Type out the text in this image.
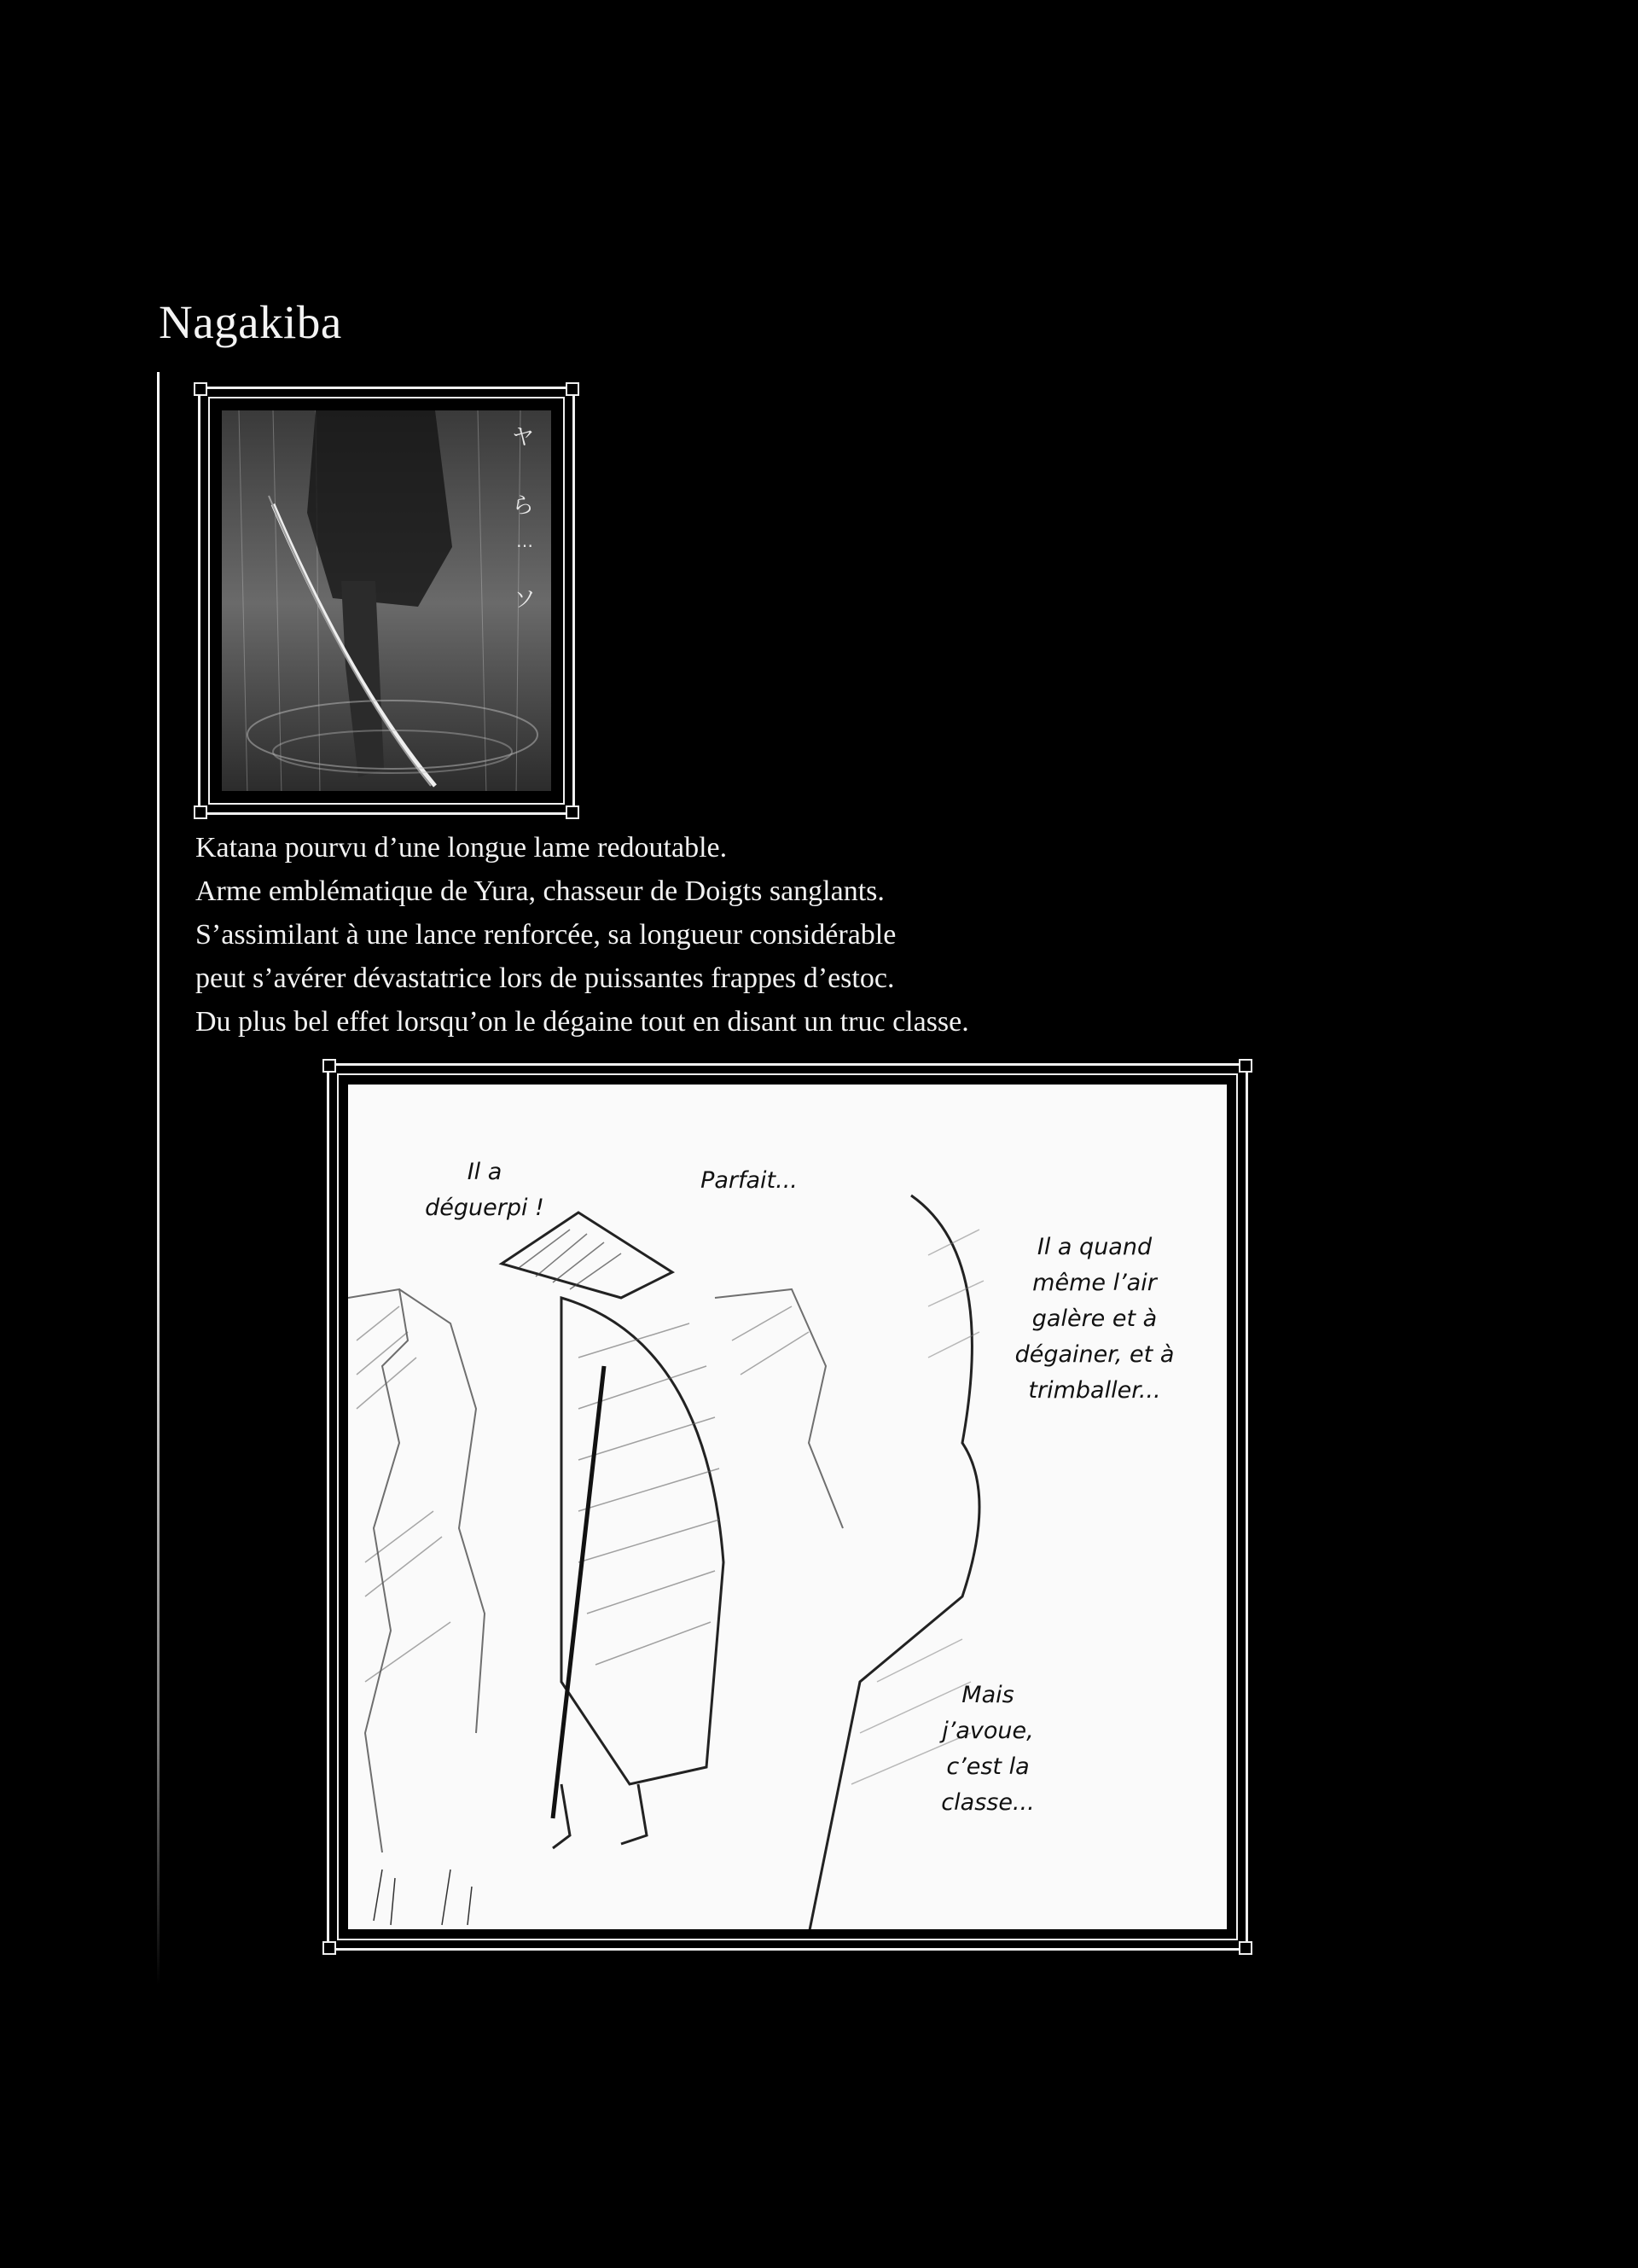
Nagakiba
ヤ
ら
…
ソ
Katana pourvu d’une longue lame redoutable.
Arme emblématique de Yura, chasseur de Doigts sanglants.
S’assimilant à une lance renforcée, sa longueur considérable
peut s’avérer dévastatrice lors de puissantes frappes d’estoc.
Du plus bel effet lorsqu’on le dégaine tout en disant un truc classe.
Il a
déguerpi !
Parfait...
Il a quand
même l’air
galère et à
dégainer, et à
trimballer...
Mais
j’avoue,
c’est la
classe...
